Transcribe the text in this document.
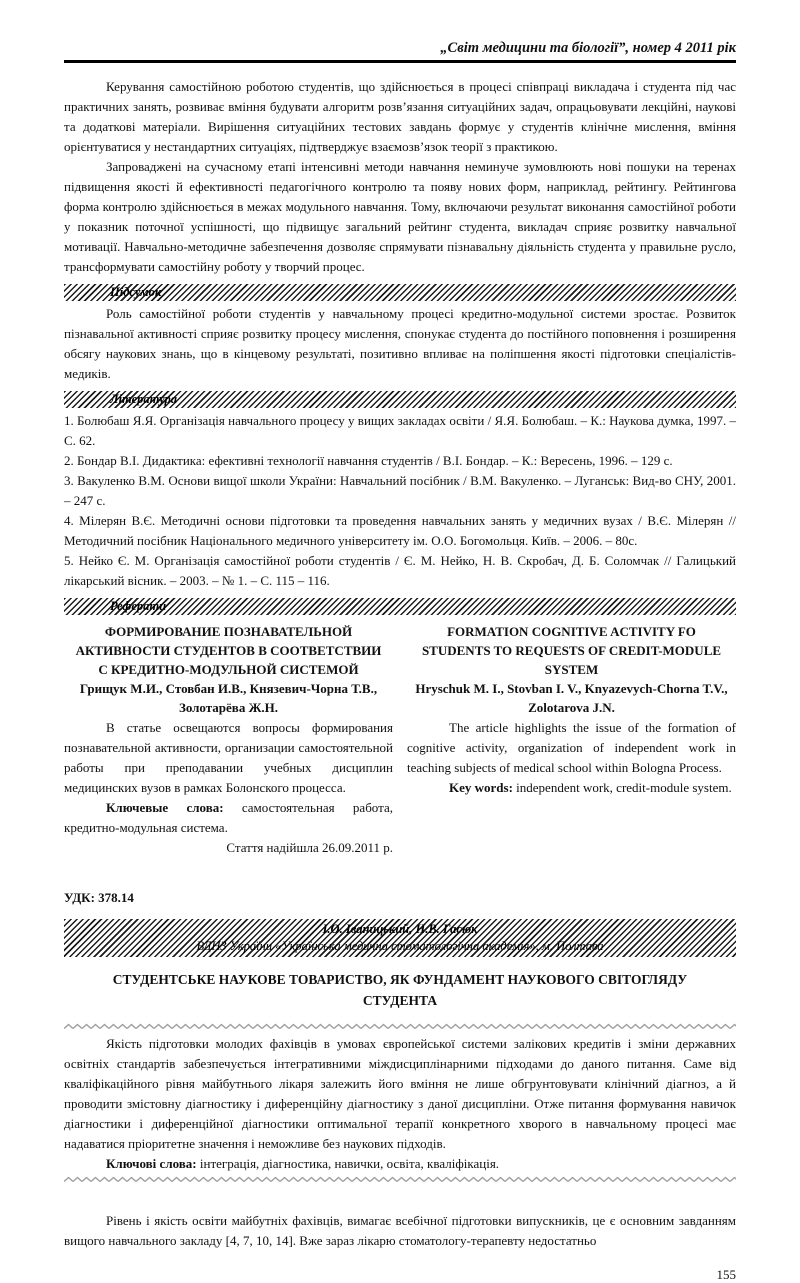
„Світ медицини та біології”, номер 4 2011 рік

Керування самостійною роботою студентів, що здійснюється в процесі співпраці викладача і студента під час практичних занять, розвиває вміння будувати алгоритм розв’язання ситуаційних задач, опрацьовувати лекційні, наукові та додаткові матеріали. Вирішення ситуаційних тестових завдань формує у студентів клінічне мислення, вміння орієнтуватися у нестандартних ситуаціях, підтверджує взаємозв’язок теорії з практикою.

Запроваджені на сучасному етапі інтенсивні методи навчання неминуче зумовлюють нові пошуки на теренах підвищення якості й ефективності педагогічного контролю та появу нових форм, наприклад, рейтингу. Рейтингова форма контролю здійснюється в межах модульного навчання. Тому, включаючи результат виконання самостійної роботи у показник поточної успішності, що підвищує загальний рейтинг студента, викладач сприяє розвитку навчальної мотивації. Навчально-методичне забезпечення дозволяє спрямувати пізнавальну діяльність студента у правильне русло, трансформувати самостійну роботу у творчий процес.

Підсумок

Роль самостійної роботи студентів у навчальному процесі кредитно-модульної системи зростає. Розвиток пізнавальної активності сприяє розвитку процесу мислення, спонукає студента до постійного поповнення і розширення обсягу наукових знань, що в кінцевому результаті, позитивно впливає на поліпшення якості підготовки спеціалістів-медиків.

Література

1. Болюбаш Я.Я. Організація навчального процесу у вищих закладах освіти / Я.Я. Болюбаш. – К.: Наукова думка, 1997. – С. 62.

2. Бондар В.І. Дидактика: ефективні технології навчання студентів / В.І. Бондар. – К.: Вересень, 1996. – 129 с.

3. Вакуленко В.М. Основи вищої школи України: Навчальний посібник / В.М. Вакуленко. – Луганськ: Вид-во СНУ, 2001. – 247 с.

4. Мілерян В.Є. Методичні основи підготовки та проведення навчальних занять у медичних вузах / В.Є. Мілерян // Методичний посібник Національного медичного університету ім. О.О. Богомольця. Київ. – 2006. – 80с.

5. Нейко Є. М. Організація самостійної роботи студентів / Є. М. Нейко, Н. В. Скробач, Д. Б. Соломчак // Галицький лікарський вісник. – 2003. – № 1. – С. 115 – 116.

Реферати
ФОРМИРОВАНИЕ ПОЗНАВАТЕЛЬНОЙ АКТИВНОСТИ СТУДЕНТОВ В СООТВЕТСТВИИ С КРЕДИТНО-МОДУЛЬНОЙ СИСТЕМОЙ
Грищук М.И., Стовбан И.В., Князевич-Чорна Т.В., Золотарёва Ж.Н.

В статье освещаются вопросы формирования познавательной активности, организации самостоятельной работы при преподавании учебных дисциплин медицинских вузов в рамках Болонского процесса.

Ключевые слова: самостоятельная работа, кредитно-модульная система.

Стаття надійшла 26.09.2011 р.
FORMATION COGNITIVE ACTIVITY FO STUDENTS TO REQUESTS OF CREDIT-MODULE SYSTEM
Hryschuk M. I., Stovban I. V., Knyazevych-Chorna T.V., Zolotarova J.N.

The article highlights the issue of the formation of cognitive activity, organization of independent work in teaching subjects of medical school within Bologna Process.

Key words: independent work, credit-module system.

УДК: 378.14
І.О. Іваницький, Н.В. Гасюк
ВДНЗ України «Українська медична стоматологічна академія», м. Полтава
СТУДЕНТСЬКЕ НАУКОВЕ ТОВАРИСТВО, ЯК ФУНДАМЕНТ НАУКОВОГО СВІТОГЛЯДУ СТУДЕНТА

Якість підготовки молодих фахівців в умовах європейської системи залікових кредитів і зміни державних освітніх стандартів забезпечується інтегративними міждисциплінарними підходами до даного питання. Саме від кваліфікаційного рівня майбутнього лікаря залежить його вміння не лише обгрунтовувати клінічний діагноз, а й проводити змістовну діагностику і диференційну діагностику з даної дисципліни. Отже питання формування навичок діагностики і диференційної діагностики оптимальної терапії конкретного хворого в навчальному процесі має надаватися пріоритетне значення і неможливе без наукових підходів.

Ключові слова: інтеграція, діагностика, навички, освіта, кваліфікація.

Рівень і якість освіти майбутніх фахівців, вимагає всебічної підготовки випускників, це є основним завданням вищого навчального закладу [4, 7, 10, 14]. Вже зараз лікарю стоматологу-терапевту недостатньо

155
